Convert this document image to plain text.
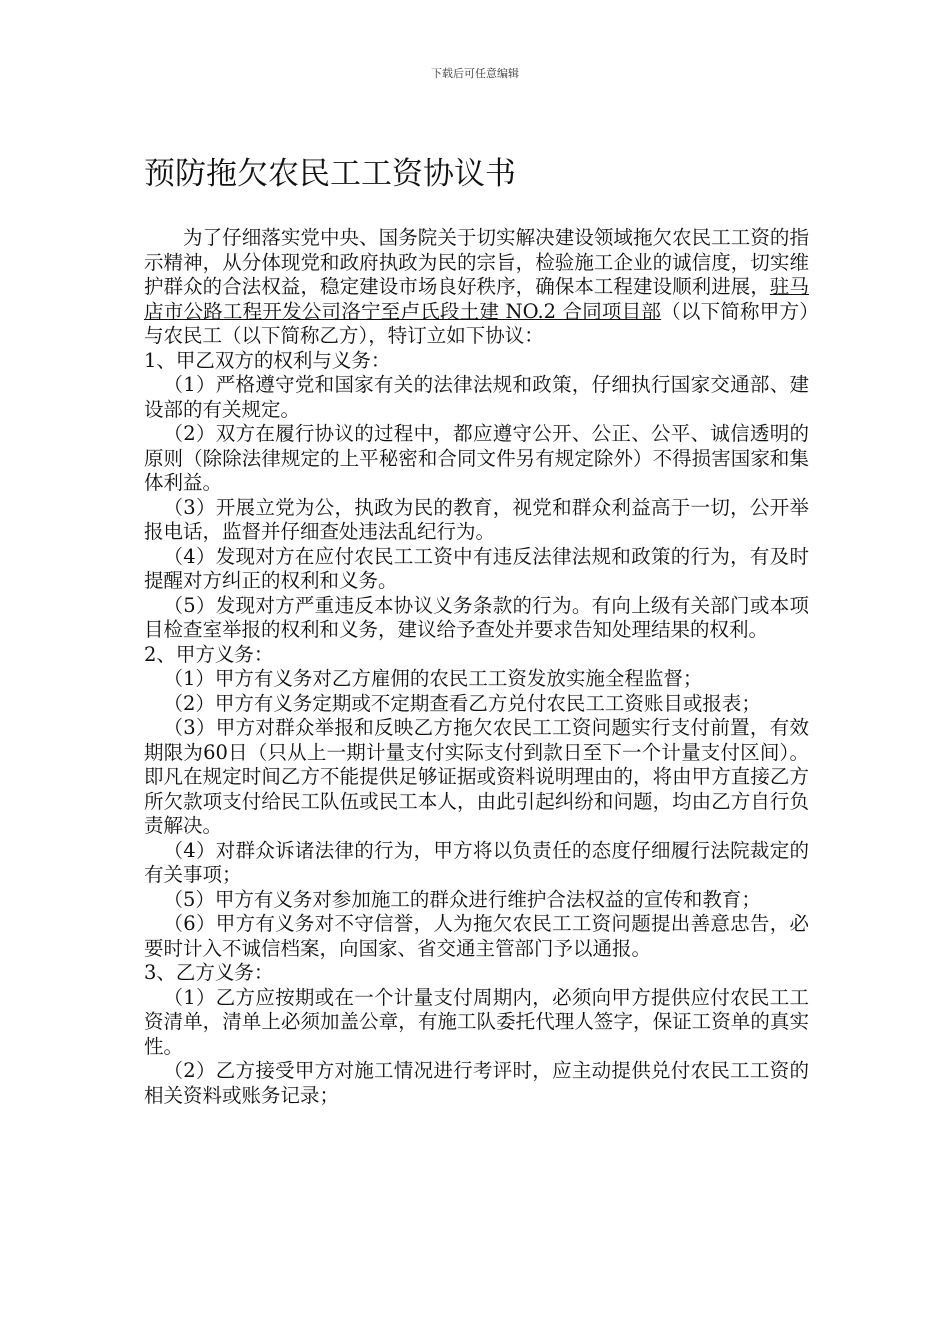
下载后可任意编辑
预防拖欠农民工工资协议书

为了仔细落实党中央、国务院关于切实解决建设领域拖欠农民工工资的指示精神，从分体现党和政府执政为民的宗旨，检验施工企业的诚信度，切实维护群众的合法权益，稳定建设市场良好秩序，确保本工程建设顺利进展，驻马店市公路工程开发公司洛宁至卢氏段土建 NO.2 合同项目部（以下简称甲方）与农民工（以下简称乙方），特订立如下协议：

1、甲乙双方的权利与义务：

（1）严格遵守党和国家有关的法律法规和政策，仔细执行国家交通部、建设部的有关规定。

（2）双方在履行协议的过程中，都应遵守公开、公正、公平、诚信透明的原则（除除法律规定的上平秘密和合同文件另有规定除外）不得损害国家和集体利益。

（3）开展立党为公，执政为民的教育，视党和群众利益高于一切，公开举报电话，监督并仔细查处违法乱纪行为。

（4）发现对方在应付农民工工资中有违反法律法规和政策的行为，有及时提醒对方纠正的权利和义务。

（5）发现对方严重违反本协议义务条款的行为。有向上级有关部门或本项目检查室举报的权利和义务，建议给予查处并要求告知处理结果的权利。

2、甲方义务：

（1）甲方有义务对乙方雇佣的农民工工资发放实施全程监督；

（2）甲方有义务定期或不定期查看乙方兑付农民工工资账目或报表；

（3）甲方对群众举报和反映乙方拖欠农民工工资问题实行支付前置，有效期限为60日（只从上一期计量支付实际支付到款日至下一个计量支付区间）。即凡在规定时间乙方不能提供足够证据或资料说明理由的，将由甲方直接乙方所欠款项支付给民工队伍或民工本人，由此引起纠纷和问题，均由乙方自行负责解决。

（4）对群众诉诸法律的行为，甲方将以负责任的态度仔细履行法院裁定的有关事项；

（5）甲方有义务对参加施工的群众进行维护合法权益的宣传和教育；

（6）甲方有义务对不守信誉，人为拖欠农民工工资问题提出善意忠告，必要时计入不诚信档案，向国家、省交通主管部门予以通报。

3、乙方义务：

（1）乙方应按期或在一个计量支付周期内，必须向甲方提供应付农民工工资清单，清单上必须加盖公章，有施工队委托代理人签字，保证工资单的真实性。

（2）乙方接受甲方对施工情况进行考评时，应主动提供兑付农民工工资的相关资料或账务记录；
